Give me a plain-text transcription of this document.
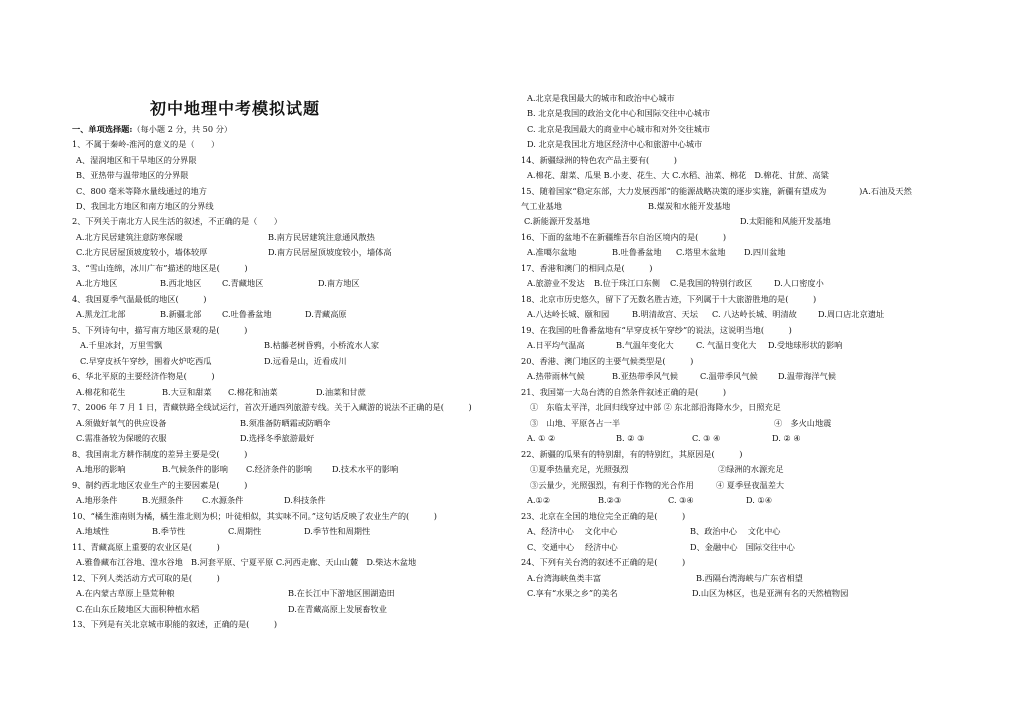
初中地理中考模拟试题
一、单项选择题:（每小题 2 分，共 50 分）
1、不属于秦岭-淮河的意义的是（　　）
A、湿润地区和干旱地区的分界限
B、亚热带与温带地区的分界限
C、800 毫米等降水量线通过的地方
D、我国北方地区和南方地区的分界线
2、下列关于南北方人民生活的叙述，不正确的是（　　）
A.北方民居建筑注意防寒保暖	B.南方民居建筑注意通风散热
C.北方民居屋顶坡度较小，墙体较厚	D.南方民居屋顶坡度较小，墙体高
3、“雪山连绵，冰川广布”描述的地区是(　　　)
A.北方地区	B.西北地区	C.青藏地区	D.南方地区
4、我国夏季气温最低的地区(　　　)
A.黑龙江北部	B.新疆北部	C.吐鲁番盆地	D.青藏高原
5、下列诗句中，描写南方地区景观的是(　　　)
A.千里冰封，万里雪飘	B.枯藤老树昏鸦，小桥流水人家
C.早穿皮袄午穿纱，围着火炉吃西瓜	D.远看是山，近看成川
6、华北平原的主要经济作物是(　　　)
A.棉花和花生	B.大豆和甜菜 C.棉花和油菜	D.油菜和甘蔗
7、2006 年 7 月 1 日，青藏铁路全线试运行，首次开通四列旅游专线。关于入藏游的说法不正确的是(　　　)
A.须做好氧气的供应设备	B.须准备防晒霜或防晒伞
C.需准备较为保暖的衣服	D.选择冬季旅游最好
8、我国南北方耕作制度的差异主要是受(　　　)
A.地形的影响	B.气候条件的影响 C.经济条件的影响 D.技术水平的影响
9、制约西北地区农业生产的主要因素是(　　　)
A.地形条件	B.光照条件 C.水源条件	D.科技条件
10、“橘生淮南则为橘，橘生淮北则为枳；叶徒相似，其实味不同。”这句话反映了农业生产的(　　　)
A.地域性	B.季节性	C.周期性	D.季节性和周期性
11、青藏高原上重要的农业区是(　　　)
A.雅鲁藏布江谷地、湟水谷地　B.河套平原、宁夏平原 C.河西走廊、天山山麓　D.柴达木盆地
12、下列人类活动方式可取的是(　　　)
A.在内蒙古草原上垦荒种粮	B.在长江中下游地区围湖造田
C.在山东丘陵地区大面积种植水稻	D.在青藏高原上发展畜牧业
13、下列是有关北京城市职能的叙述，正确的是(　　　)
A.北京是我国最大的城市和政治中心城市
B. 北京是我国的政治文化中心和国际交往中心城市
C. 北京是我国最大的商业中心城市和对外交往城市
D. 北京是我国北方地区经济中心和旅游中心城市
14、新疆绿洲的特色农产品主要有(　　　)
A.棉花、甜菜、瓜果 B.小麦、花生、大 C.水稻、油菜、棉花　D.棉花、甘蔗、高粱
15、随着国家“稳定东部，大力发展西部”的能源战略决策的逐步实施，新疆有望成为　　　　)A.石油及天然
气工业基地	B.煤炭和水能开发基地
C.新能源开发基地	D.太阳能和风能开发基地
16、下面的盆地不在新疆维吾尔自治区境内的是(　　　)
A.准噶尔盆地	B.吐鲁番盆地 C.塔里木盆地 D.四川盆地
17、香港和澳门的相同点是(　　　)
A.旅游业不发达 B.位于珠江口东侧 C.是我国的特别行政区	D.人口密度小
18、北京市历史悠久，留下了无数名胜古迹，下列属于十大旅游胜地的是(　　　)
A.八达岭长城、颐和园	B.明清故宫、天坛 C. 八达岭长城、明清故	D.周口店北京遗址
19、在我国的吐鲁番盆地有“早穿皮袄午穿纱”的说法，这说明当地(　　　)
A.日平均气温高	B.气温年变化大	C. 气温日变化大 D.受地球形状的影响
20、香港、澳门地区的主要气候类型是(　　　)
A.热带雨林气候	B.亚热带季风气候	C.温带季风气候 D.温带海洋气候
21、我国第一大岛台湾的自然条件叙述正确的是(　　　)
①　东临太平洋，北回归线穿过中部 ② 东北部沿海降水少，日照充足
③　山地、平原各占一半	④　多火山地震
A. ① ②	B. ② ③	C. ③ ④	D. ② ④
22、新疆的瓜果有的特别甜，有的特别红，其原因是(　　　)
①夏季热量充足，光照强烈	②绿洲的水源充足
③云量少，光照强烈，有利于作物的光合作用	④ 夏季昼夜温差大
A.①②	B.②③	C. ③④	D. ①④
23、北京在全国的地位完全正确的是(　　　)
A、经济中心　 文化中心	B、政治中心　 文化中心
C、交通中心　 经济中心	D、金融中心　国际交往中心
24、下列有关台湾的叙述不正确的是(　　　)
A.台湾海峡鱼类丰富	B.西隔台湾海峡与广东省相望
C.享有“水果之乡”的美名	D.山区为林区，也是亚洲有名的天然植物园
